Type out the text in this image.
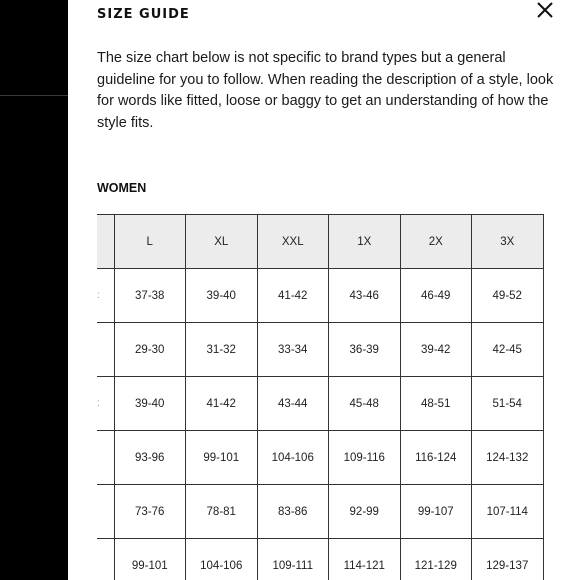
SIZE GUIDE
The size chart below is not specific to brand types but a general guideline for you to follow. When reading the description of a style, look for words like fitted, loose or baggy to get an understanding of how the style fits.
WOMEN
	L	XL	XXL	1X	2X	3X
:	37-38	39-40	41-42	43-46	46-49	49-52
	29-30	31-32	33-34	36-39	39-42	42-45
:	39-40	41-42	43-44	45-48	48-51	51-54
	93-96	99-101	104-106	109-116	116-124	124-132
	73-76	78-81	83-86	92-99	99-107	107-114
	99-101	104-106	109-111	114-121	121-129	129-137
